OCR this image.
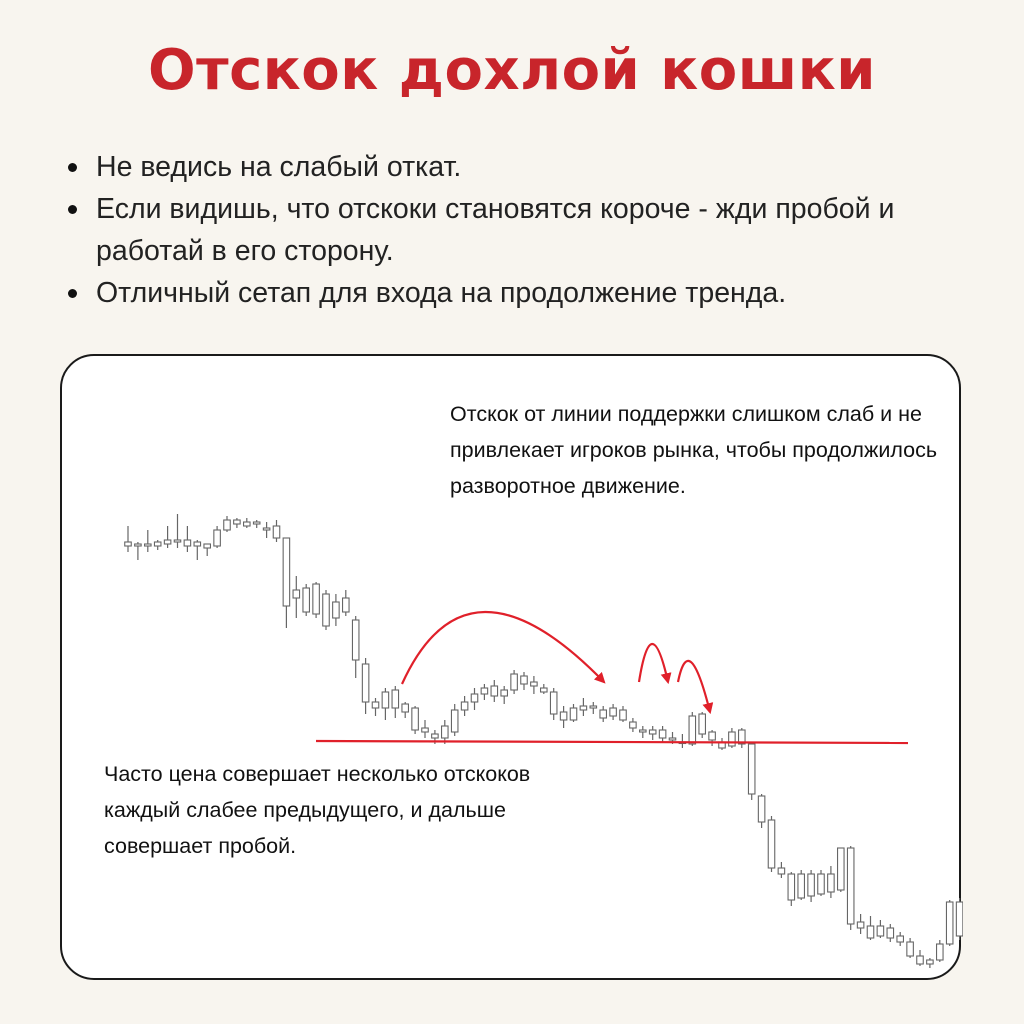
Отскок дохлой кошки
Не ведись на слабый откат.
Если видишь, что отскоки становятся короче - жди пробой и работай в его сторону.
Отличный сетап для входа на продолжение тренда.
Отскок от линии поддержки слишком слаб и не привлекает игроков рынка, чтобы продолжилось разворотное движение.
Часто цена совершает несколько отскоков каждый слабее предыдущего, и дальше совершает пробой.
